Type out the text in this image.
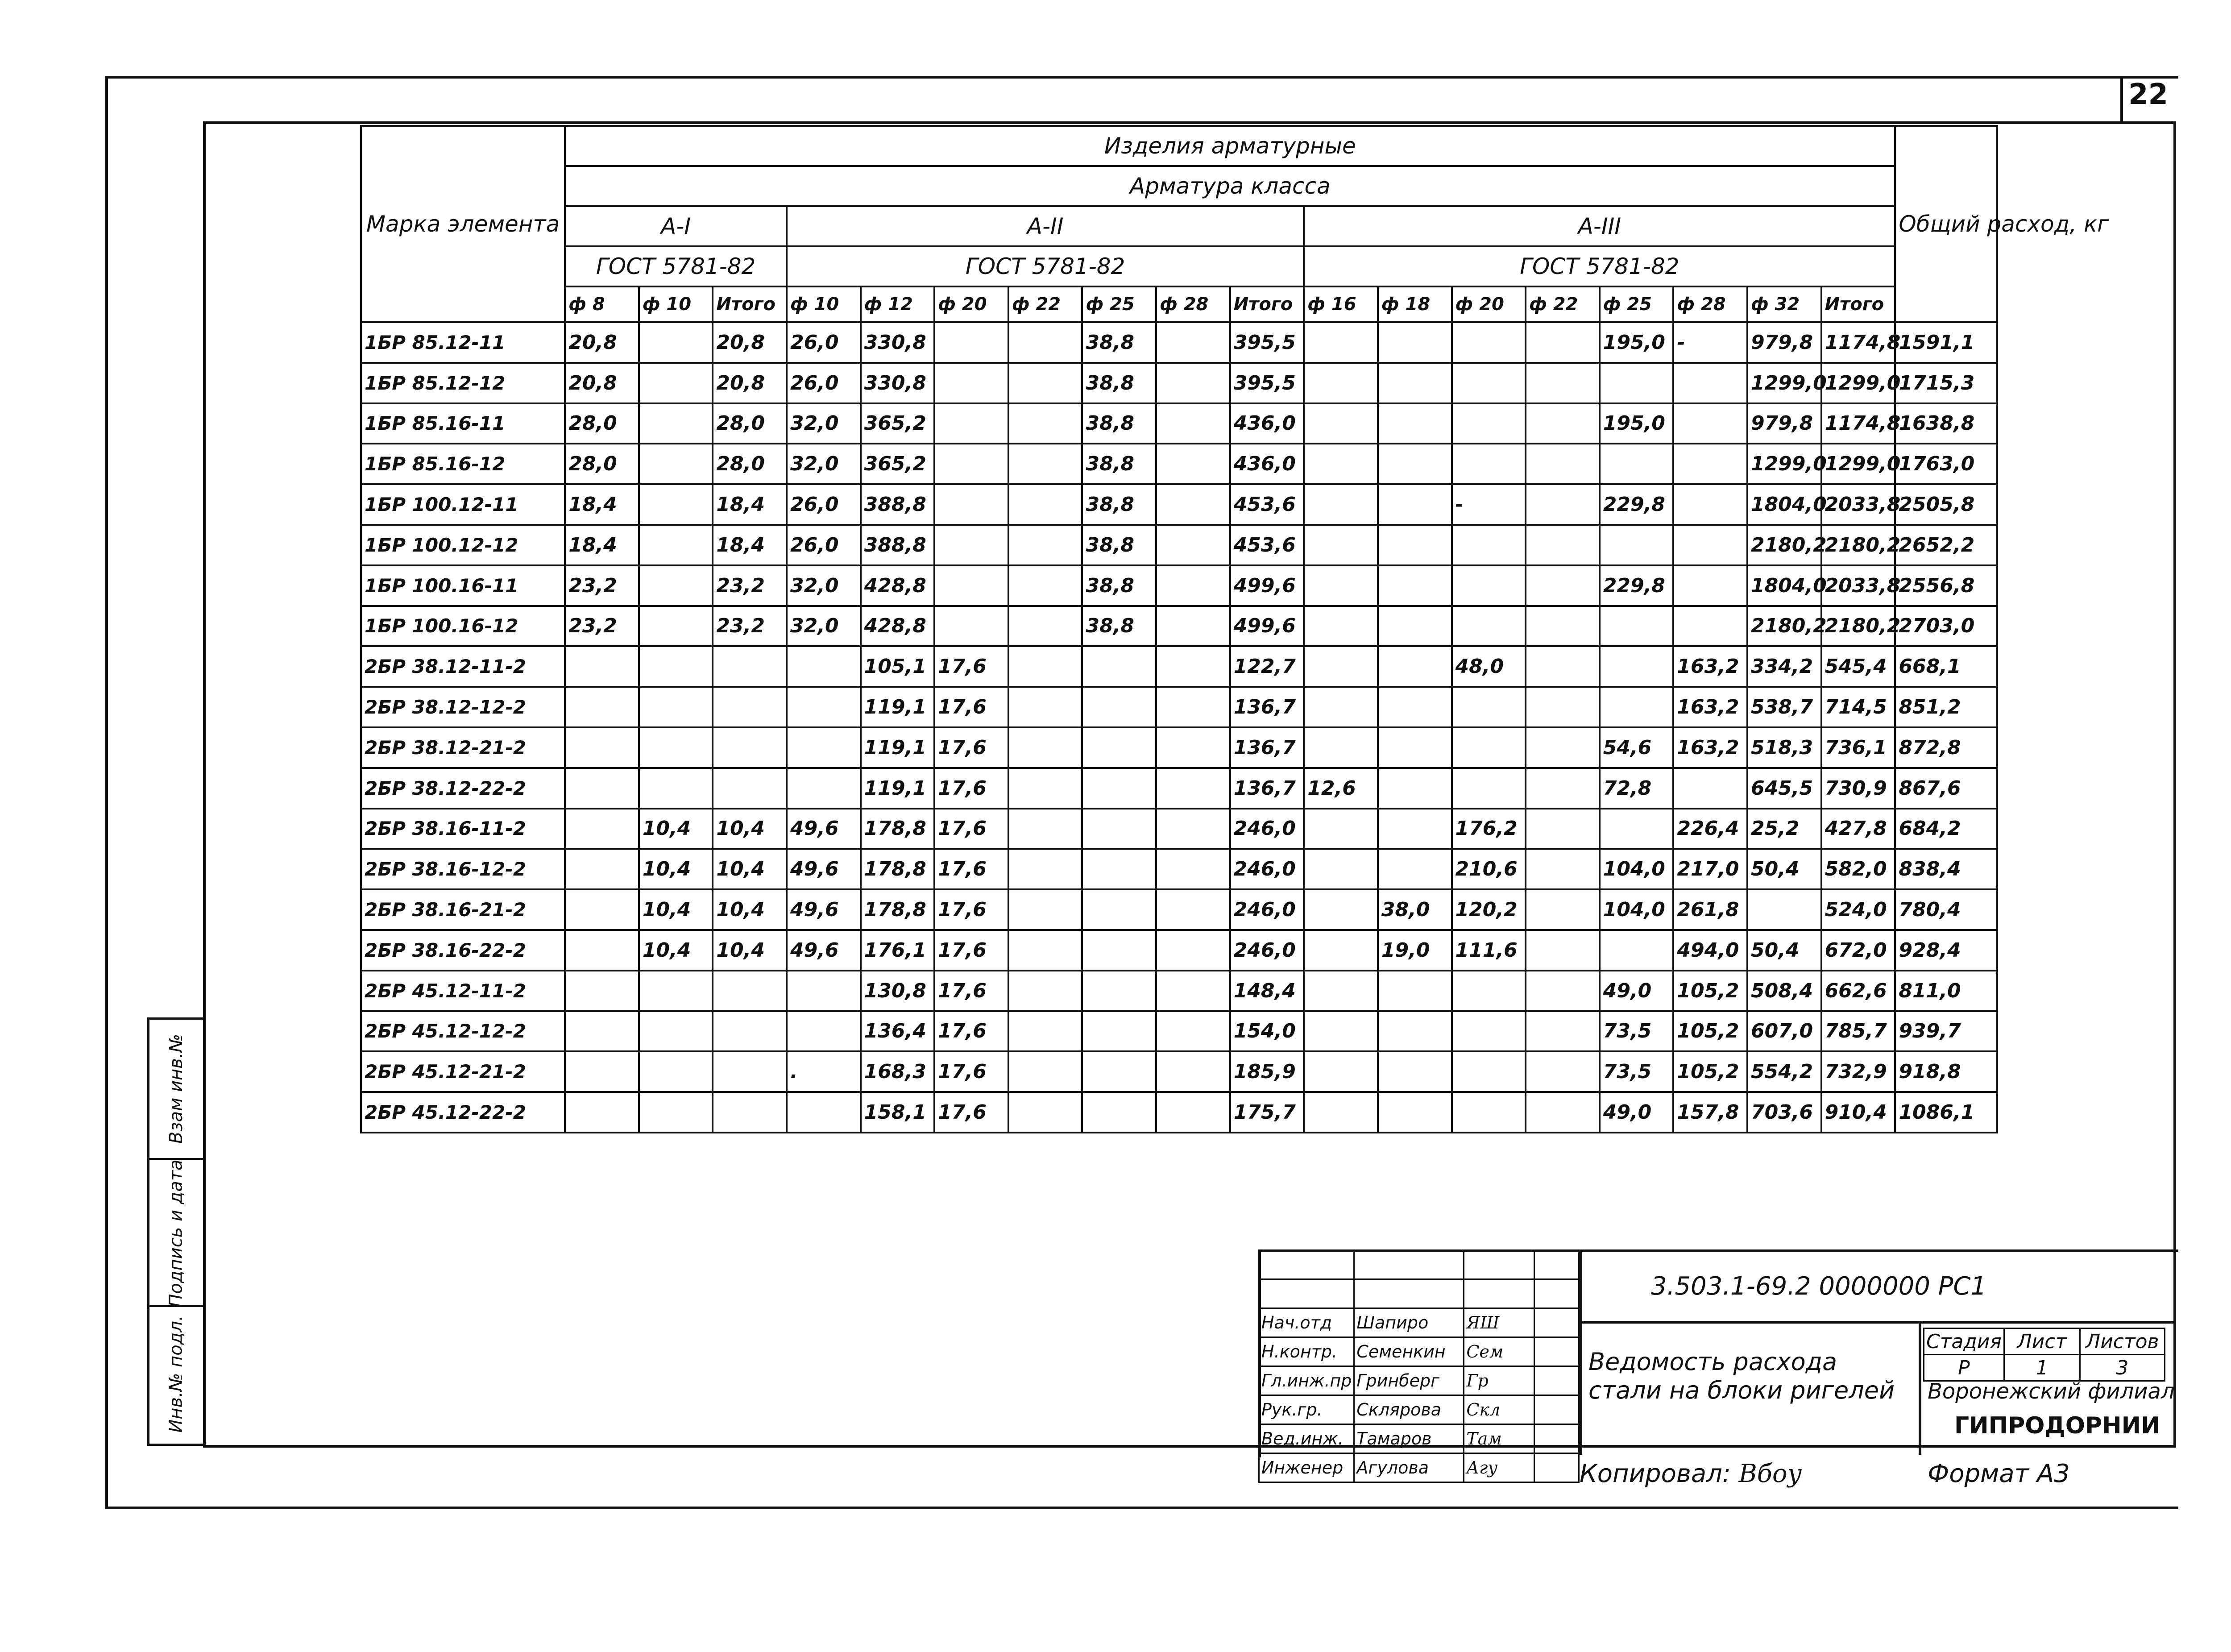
22
Марка элемента	Изделия арматурные																		Общий расход, кг
	Арматура класса																		
	А-I			А-II							А-III								
	ГОСТ 5781-82			ГОСТ 5781-82							ГОСТ 5781-82								
	ф 8	ф 10	Итого	ф 10	ф 12	ф 20	ф 22	ф 25	ф 28	Итого	ф 16	ф 18	ф 20	ф 22	ф 25	ф 28	ф 32	Итого	
1БР 85.12-11	20,8		20,8	26,0	330,8			38,8		395,5					195,0	-	979,8	1174,8	1591,1
1БР 85.12-12	20,8		20,8	26,0	330,8			38,8		395,5							1299,0	1299,0	1715,3
1БР 85.16-11	28,0		28,0	32,0	365,2			38,8		436,0					195,0		979,8	1174,8	1638,8
1БР 85.16-12	28,0		28,0	32,0	365,2			38,8		436,0							1299,0	1299,0	1763,0
1БР 100.12-11	18,4		18,4	26,0	388,8			38,8		453,6			-		229,8		1804,0	2033,8	2505,8
1БР 100.12-12	18,4		18,4	26,0	388,8			38,8		453,6							2180,2	2180,2	2652,2
1БР 100.16-11	23,2		23,2	32,0	428,8			38,8		499,6					229,8		1804,0	2033,8	2556,8
1БР 100.16-12	23,2		23,2	32,0	428,8			38,8		499,6							2180,2	2180,2	2703,0
2БР 38.12-11-2					105,1	17,6				122,7			48,0			163,2	334,2	545,4	668,1
2БР 38.12-12-2					119,1	17,6				136,7						163,2	538,7	714,5	851,2
2БР 38.12-21-2					119,1	17,6				136,7					54,6	163,2	518,3	736,1	872,8
2БР 38.12-22-2					119,1	17,6				136,7	12,6				72,8		645,5	730,9	867,6
2БР 38.16-11-2		10,4	10,4	49,6	178,8	17,6				246,0			176,2			226,4	25,2	427,8	684,2
2БР 38.16-12-2		10,4	10,4	49,6	178,8	17,6				246,0			210,6		104,0	217,0	50,4	582,0	838,4
2БР 38.16-21-2		10,4	10,4	49,6	178,8	17,6				246,0		38,0	120,2		104,0	261,8		524,0	780,4
2БР 38.16-22-2		10,4	10,4	49,6	176,1	17,6				246,0		19,0	111,6			494,0	50,4	672,0	928,4
2БР 45.12-11-2					130,8	17,6				148,4					49,0	105,2	508,4	662,6	811,0
2БР 45.12-12-2					136,4	17,6				154,0					73,5	105,2	607,0	785,7	939,7
2БР 45.12-21-2				.	168,3	17,6				185,9					73,5	105,2	554,2	732,9	918,8
2БР 45.12-22-2					158,1	17,6				175,7					49,0	157,8	703,6	910,4	1086,1
Взам инв.№
Подпись и дата
Инв.№ подл.

				Нач.отд	Шапиро	ЯШ	
Н.контр.	Семенкин	Сем	
Гл.инж.пр	Гринберг	Гр	
Рук.гр.	Склярова	Скл	
Вед.инж.	Тамаров	Там	
Инженер	Агулова	Агу	
3.503.1-69.2 0000000 РС1
Ведомость расхода
стали на блоки ригелей
Стадия	Лист	Листов
Р	1	3
Воронежский филиал
ГИПРОДОРНИИ
Копировал: Вбоу	Формат А3
